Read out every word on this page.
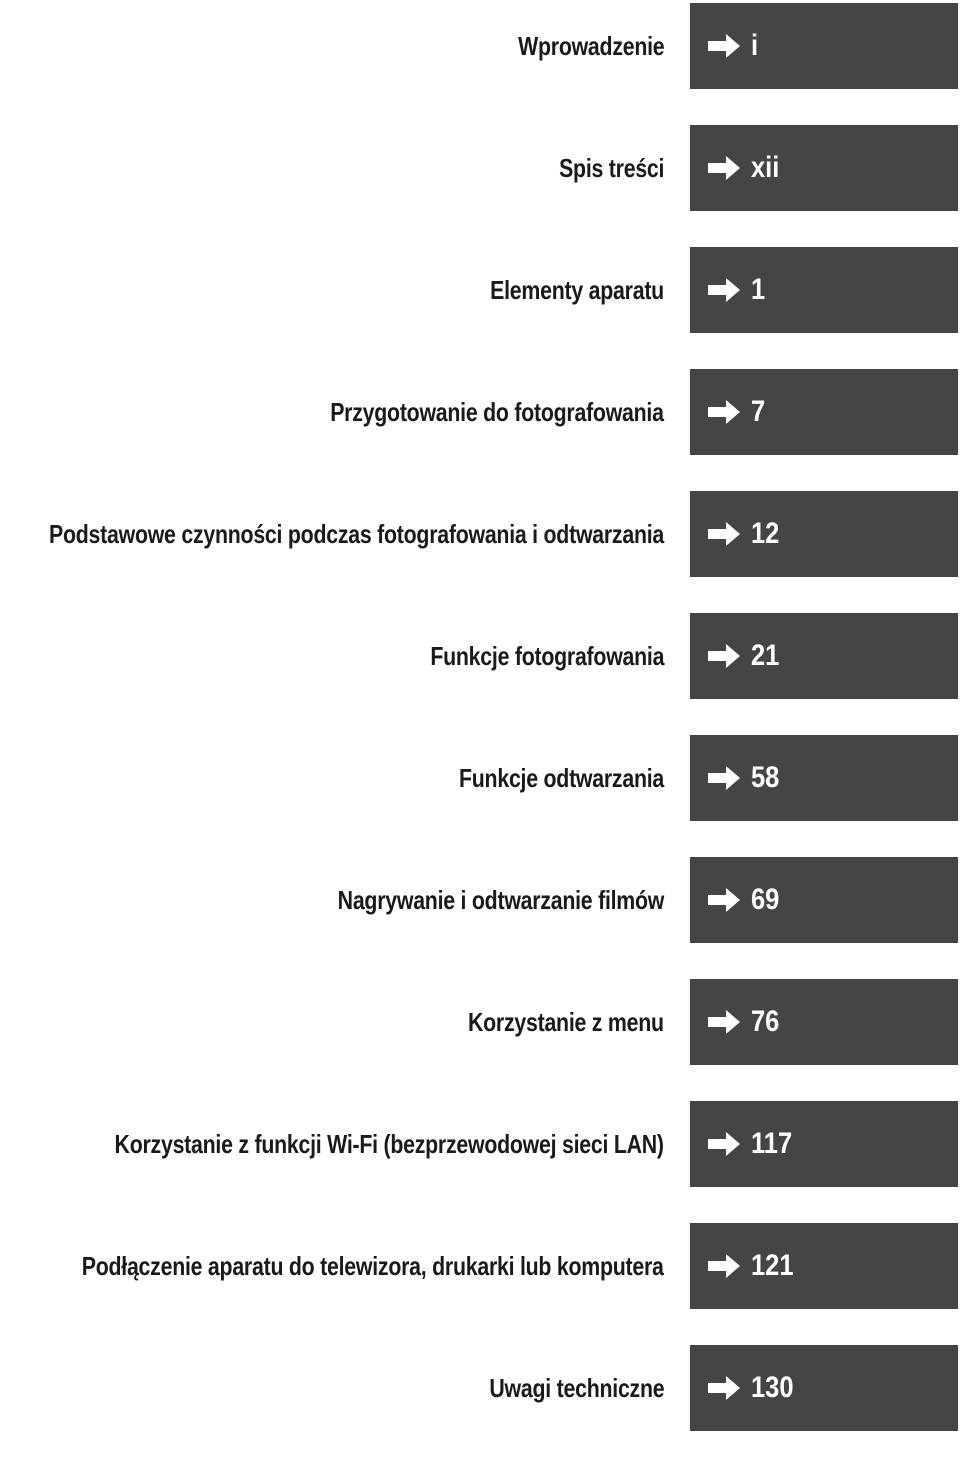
Wprowadzenie	i
Spis treści	xii
Elementy aparatu	1
Przygotowanie do fotografowania	7
Podstawowe czynności podczas fotografowania i odtwarzania	12
Funkcje fotografowania	21
Funkcje odtwarzania	58
Nagrywanie i odtwarzanie filmów	69
Korzystanie z menu	76
Korzystanie z funkcji Wi-Fi (bezprzewodowej sieci LAN)	117
Podłączenie aparatu do telewizora, drukarki lub komputera	121
Uwagi techniczne	130
